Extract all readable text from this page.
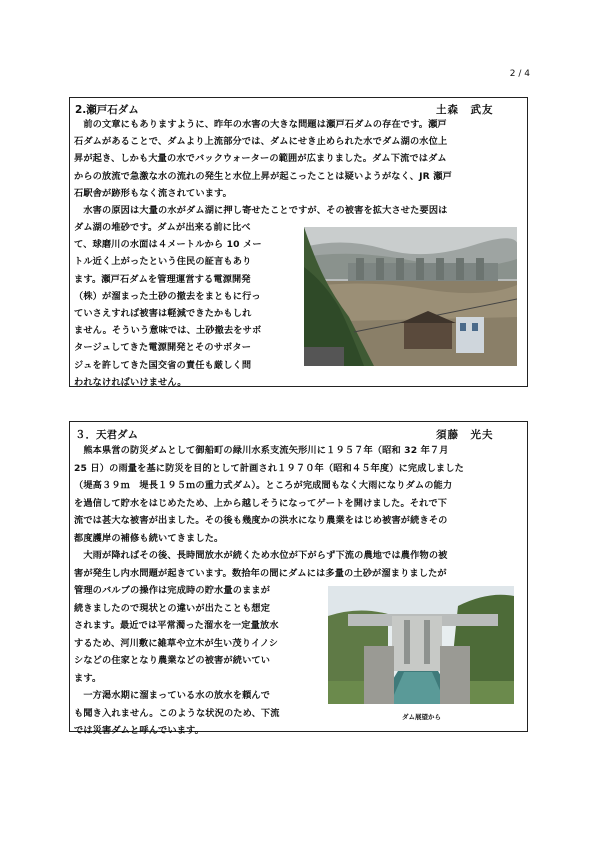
2 / 4
2.瀬戸石ダム	土森　武友
　前の文章にもありますように、昨年の水害の大きな問題は瀬戸石ダムの存在です。瀬戸
石ダムがあることで、ダムより上流部分では、ダムにせき止められた水でダム湖の水位上
昇が起き、しかも大量の水でバックウォーターの範囲が広まりました。ダム下流ではダム
からの放流で急激な水の流れの発生と水位上昇が起こったことは疑いようがなく、JR 瀬戸
石駅舎が跡形もなく流されています。
　水害の原因は大量の水がダム湖に押し寄せたことですが、その被害を拡大させた要因は
ダム湖の堆砂です。ダムが出来る前に比べ
て、球磨川の水面は４メートルから 10 メー
トル近く上がったという住民の証言もあり
ます。瀬戸石ダムを管理運営する電源開発
（株）が溜まった土砂の撤去をまともに行っ
ていさえすれば被害は軽減できたかもしれ
ません。そういう意味では、土砂撤去をサボ
タージュしてきた電源開発とそのサボター
ジュを許してきた国交省の責任も厳しく問
われなければいけません。
３．天君ダム	須藤　光夫
　熊本県営の防災ダムとして御船町の緑川水系支流矢形川に１９５７年（昭和 32 年７月
25 日）の雨量を基に防災を目的として計画され１９７０年（昭和４５年度）に完成しました
（堤高３９ｍ　堤長１９５ｍの重力式ダム）。ところが完成間もなく大雨になりダムの能力
を過信して貯水をはじめたため、上から越しそうになってゲートを開けました。それで下
流では甚大な被害が出ました。その後も幾度かの洪水になり農業をはじめ被害が続きその
都度護岸の補修も続いてきました。
　大雨が降ればその後、長時間放水が続くため水位が下がらず下流の農地では農作物の被
害が発生し内水問題が起きています。数拾年の間にダムには多量の土砂が溜まりましたが
管理のバルブの操作は完成時の貯水量のままが
続きましたので現状との違いが出たことも想定
されます。最近では平常濁った溜水を一定量放水
するため、河川敷に雑草や立木が生い茂りイノシ
シなどの住家となり農業などの被害が続いてい
ます。
　一方渇水期に溜まっている水の放水を頼んで
も聞き入れません。このような状況のため、下流
では災害ダムと呼んでいます。
ダム展望から
